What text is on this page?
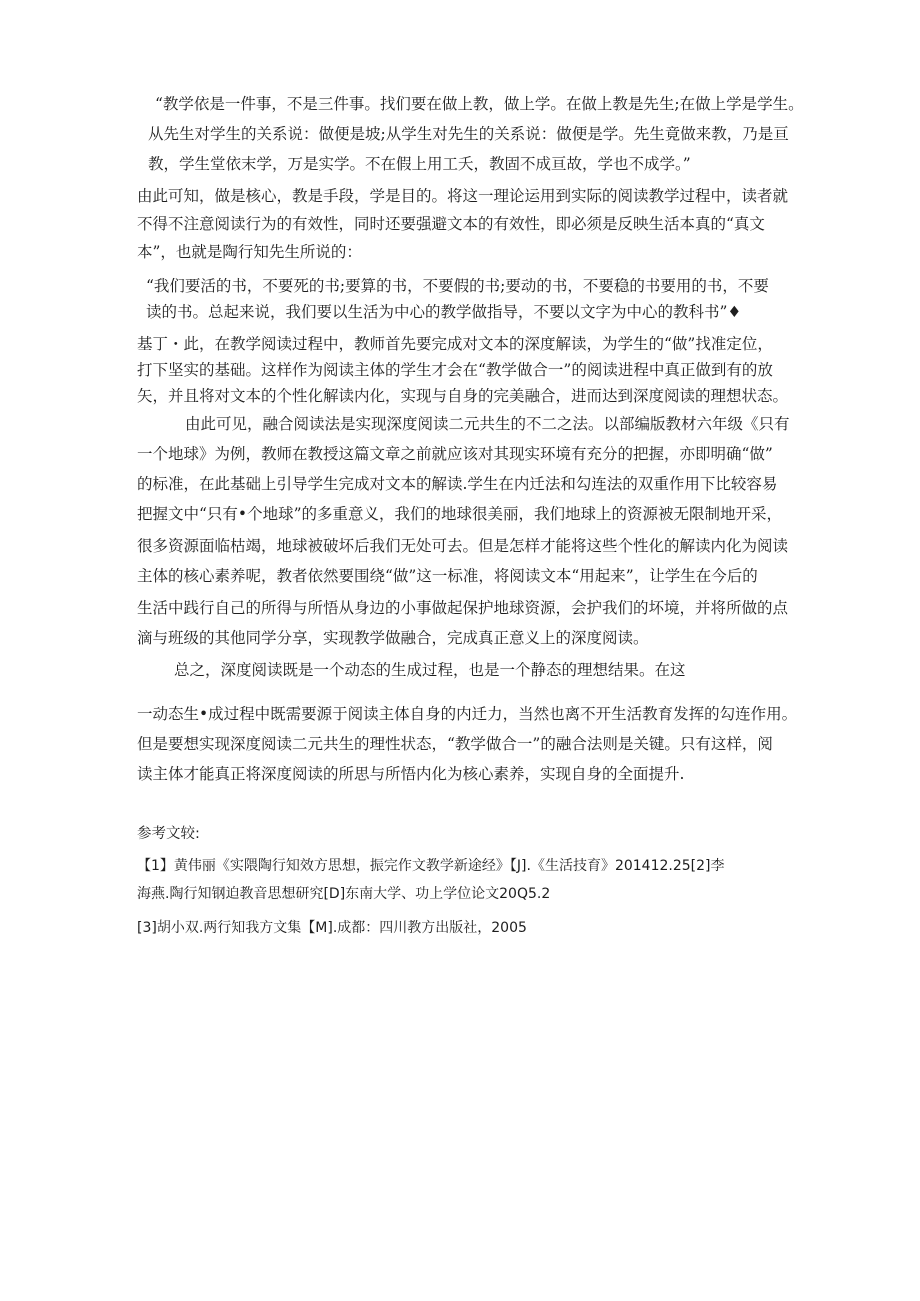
“教学依是一件事，不是三件事。找们要在做上教，做上学。在做上教是先生;在做上学是学生。
从先生对学生的关系说：做便是坡;从学生对先生的关系说：做便是学。先生竟做来教，乃是亘
教，学生堂依末学，万是实学。不在假上用工夭，教固不成亘故，学也不成学。”
由此可知，做是核心，教是手段，学是目的。将这一理论运用到实际的阅读教学过程中，读者就
不得不注意阅读行为的有效性，同时还要强避文本的有效性，即必须是反映生活本真的“真文
本”，也就是陶行知先生所说的：
“我们要活的书，不要死的书;要算的书，不要假的书;要动的书，不要稳的书要用的书，不要
读的书。总起来说，我们要以生活为中心的教学做指导，不要以文字为中心的教科书”♦
基丁・此，在教学阅读过程中，教师首先要完成对文本的深度解读，为学生的“做”找准定位，
打下坚实的基础。这样作为阅读主体的学生才会在“教学做合一”的阅读进程中真正做到有的放
矢，并且将对文本的个性化解读内化，实现与自身的完美融合，进而达到深度阅读的理想状态。
由此可见，融合阅读法是实现深度阅读二元共生的不二之法。以部编版教材六年级《只有
一个地球》为例，教师在教授这篇文章之前就应该对其现实环境有充分的把握，亦即明确“做”
的标准，在此基础上引导学生完成对文本的解读.学生在内迁法和勾连法的双重作用下比较容易
把握文中“只有•个地球”的多重意义，我们的地球很美丽，我们地球上的资源被无限制地开采，
很多资源面临枯竭，地球被破坏后我们无处可去。但是怎样才能将这些个性化的解读内化为阅读
主体的核心素养呢，教者依然要围绕“做”这一标准，将阅读文本“用起来”，让学生在今后的
生活中践行自己的所得与所悟从身边的小事做起保护地球资源，会护我们的坏境，并将所做的点
滴与班级的其他同学分享，实现教学做融合，完成真正意义上的深度阅读。
总之，深度阅读既是一个动态的生成过程，也是一个静态的理想结果。在这
一动态生•成过程中既需要源于阅读主体自身的内迁力，当然也离不开生活教育发挥的勾连作用。
但是要想实现深度阅读二元共生的理性状态，“教学做合一”的融合法则是关键。只有这样，阅
读主体才能真正将深度阅读的所思与所悟内化为核心素养，实现自身的全面提升.
参考文较:
【1】黄伟丽《实隈陶行知效方思想，振完作文教学新途经》【J].《生活技育》201412.25[2]李
海燕.陶行知钢迫教音思想研究[D]东南大学、功上学位论文20Q5.2
[3]胡小双.两行知我方文集【M].成都：四川教方出版社，2005
